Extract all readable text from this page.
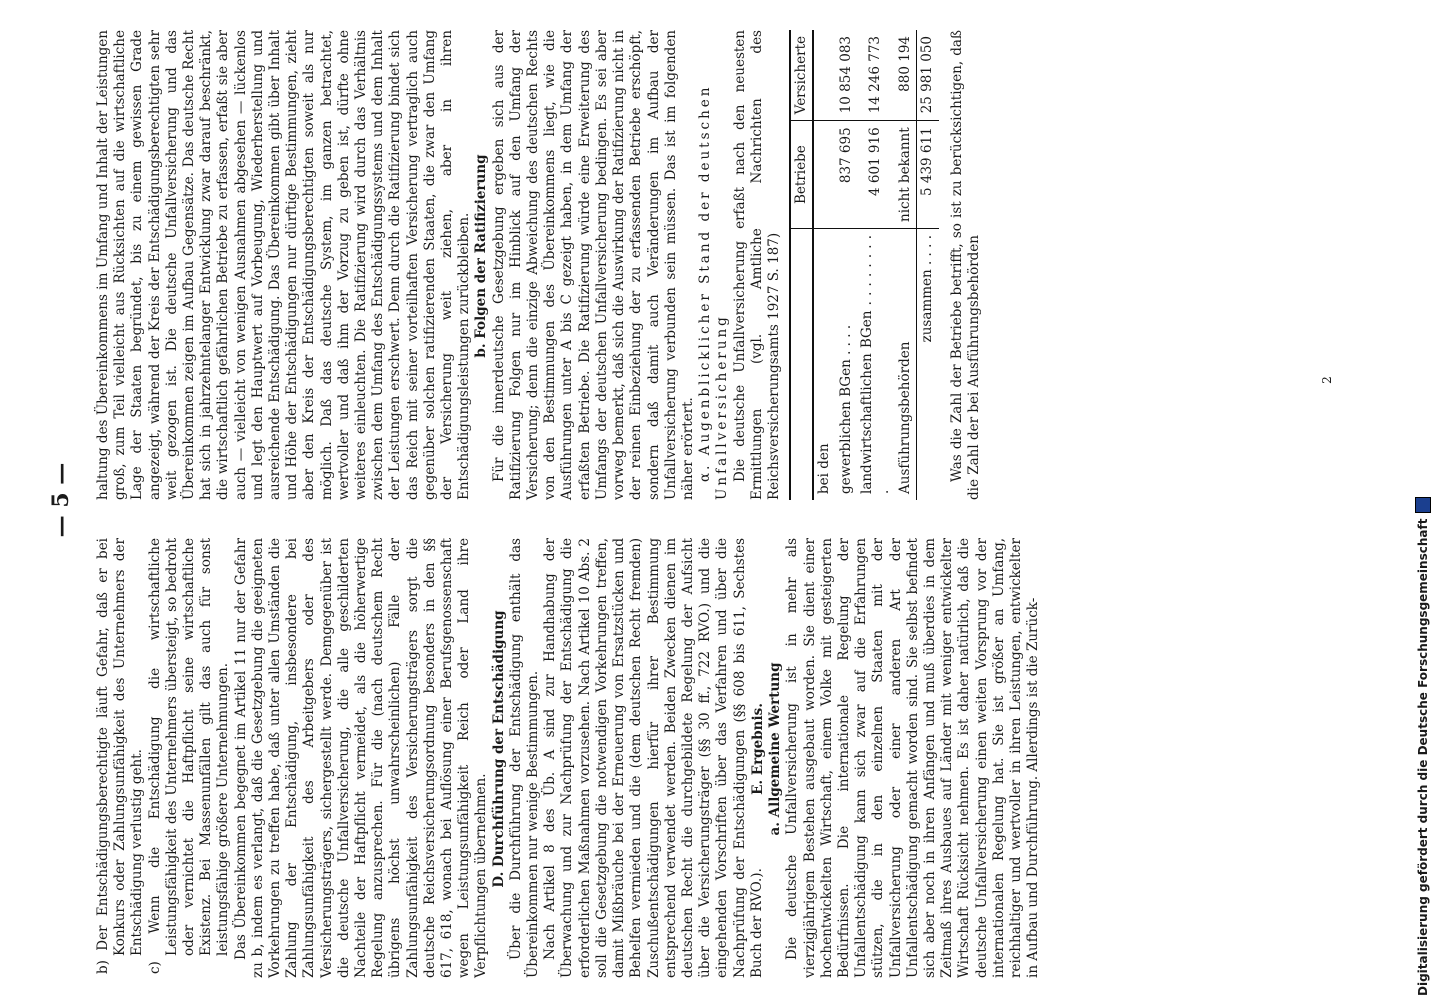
— 5 —

b) Der Entschädigungsberechtigte läuft Gefahr, daß er bei Konkurs oder Zahlungsunfähigkeit des Unternehmers der Entschädigung verlustig geht. c) Wenn die Entschädigung die wirtschaftliche Leistungsfähigkeit des Unternehmers übersteigt, so bedroht oder vernichtet die Haftpflicht seine wirtschaftliche Existenz. Bei Massenunfällen gilt das auch für sonst leistungsfähige größere Unternehmungen. Das Übereinkommen begegnet im Artikel 11 nur der Gefahr zu b, indem es verlangt, daß die Gesetzgebung die geeigneten Vorkehrungen zu treffen habe, daß unter allen Umständen die Zahlung der Entschädigung, insbesondere bei Zahlungsunfähigkeit des Arbeitgebers oder des Versicherungsträgers, sichergestellt werde. Demgegenüber ist die deutsche Unfallversicherung, die alle geschilderten Nachteile der Haftpflicht vermeidet, als die höherwertige Regelung anzusprechen. Für die (nach deutschem Recht übrigens höchst unwahrscheinlichen) Fälle der Zahlungsunfähigkeit des Versicherungsträgers sorgt die deutsche Reichsversicherungsordnung besonders in den §§ 617, 618, wonach bei Auflösung einer Berufsgenossenschaft wegen Leistungsunfähigkeit Reich oder Land ihre Verpflichtungen übernehmen. D. Durchführung der Entschädigung Über die Durchführung der Entschädigung enthält das Übereinkommen nur wenige Bestimmungen. Nach Artikel 8 des Üb. A sind zur Handhabung der Überwachung und zur Nachprüfung der Entschädigung die erforderlichen Maßnahmen vorzusehen. Nach Artikel 10 Abs. 2 soll die Gesetzgebung die notwendigen Vorkehrungen treffen, damit Mißbräuche bei der Erneuerung von Ersatzstücken und Behelfen vermieden und die (dem deutschen Recht fremden) Zuschußentschädigungen hierfür ihrer Bestimmung entsprechend verwendet werden. Beiden Zwecken dienen im deutschen Recht die durchgebildete Regelung der Aufsicht über die Versicherungsträger (§§ 30 ff., 722 RVO.) und die eingehenden Vorschriften über das Verfahren und über die Nachprüfung der Entschädigungen (§§ 608 bis 611, Sechstes Buch der RVO.).

E. Ergebnis. a. Allgemeine Wertung Die deutsche Unfallversicherung ist in mehr als vierzigjährigem Bestehen ausgebaut worden. Sie dient einer hochentwickelten Wirtschaft, einem Volke mit gesteigerten Bedürfnissen. Die internationale Regelung der Unfallentschädigung kann sich zwar auf die Erfahrungen stützen, die in den einzelnen Staaten mit der Unfallversicherung oder einer anderen Art der Unfallentschädigung gemacht worden sind. Sie selbst befindet sich aber noch in ihren Anfängen und muß überdies in dem Zeitmaß ihres Ausbaues auf Länder mit weniger entwickelter Wirtschaft Rücksicht nehmen. Es ist daher natürlich, daß die deutsche Unfallversicherung einen weiten Vorsprung vor der internationalen Regelung hat. Sie ist größer an Umfang, reichhaltiger und wertvoller in ihren Leistungen, entwickelter in Aufbau und Durchführung. Allerdings ist die Zurück-

haltung des Übereinkommens im Umfang und Inhalt der Leistungen groß, zum Teil vielleicht aus Rücksichten auf die wirtschaftliche Lage der Staaten begründet, bis zu einem gewissen Grade angezeigt, während der Kreis der Entschädigungsberechtigten sehr weit gezogen ist. Die deutsche Unfallversicherung und das Übereinkommen zeigen im Aufbau Gegensätze. Das deutsche Recht hat sich in jahrzehntelanger Entwicklung zwar darauf beschränkt, die wirtschaftlich gefährlichen Betriebe zu erfassen, erfaßt sie aber auch — vielleicht von wenigen Ausnahmen abgesehen — lückenlos und legt den Hauptwert auf Vorbeugung, Wiederherstellung und ausreichende Entschädigung. Das Übereinkommen gibt über Inhalt und Höhe der Entschädigungen nur dürftige Bestimmungen, zieht aber den Kreis der Entschädigungsberechtigten soweit als nur möglich. Daß das deutsche System, im ganzen betrachtet, wertvoller und daß ihm der Vorzug zu geben ist, dürfte ohne weiteres einleuchten. Die Ratifizierung wird durch das Verhältnis zwischen dem Umfang des Entschädigungssystems und dem Inhalt der Leistungen erschwert. Denn durch die Ratifizierung bindet sich das Reich mit seiner vorteilhaften Versicherung vertraglich auch gegenüber solchen ratifizierenden Staaten, die zwar den Umfang der Versicherung weit ziehen, aber in ihren Entschädigungsleistungen zurückbleiben. b. Folgen der Ratifizierung Für die innerdeutsche Gesetzgebung ergeben sich aus der Ratifizierung Folgen nur im Hinblick auf den Umfang der Versicherung; denn die einzige Abweichung des deutschen Rechts von den Bestimmungen des Übereinkommens liegt, wie die Ausführungen unter A bis C gezeigt haben, in dem Umfang der erfaßten Betriebe. Die Ratifizierung würde eine Erweiterung des Umfangs der deutschen Unfallversicherung bedingen. Es sei aber vorweg bemerkt, daß sich die Auswirkung der Ratifizierung nicht in der reinen Einbeziehung der zu erfassenden Betriebe erschöpft, sondern daß damit auch Veränderungen im Aufbau der Unfallversicherung verbunden sein müssen. Das ist im folgenden näher erörtert. α. Augenblicklicher Stand der deutschen Unfallversicherung Die deutsche Unfallversicherung erfaßt nach den neuesten Ermittlungen (vgl. Amtliche Nachrichten des Reichsversicherungsamts 1927 S. 187)

	Betriebe	Versicherte
bei den		
gewerblichen BGen . . . .	837 695	10 854 083
landwirtschaftlichen BGen . . . . . . . . .	4 601 916	14 246 773
Ausführungsbehörden	nicht bekannt	880 194
zusammen . . . .	5 439 611	25 981 050 Was die Zahl der Betriebe betrifft, so ist zu berücksichtigen, daß die Zahl der bei Ausführungsbehörden	2
Digitalisierung gefördert durch die Deutsche Forschungsgemeinschaft
